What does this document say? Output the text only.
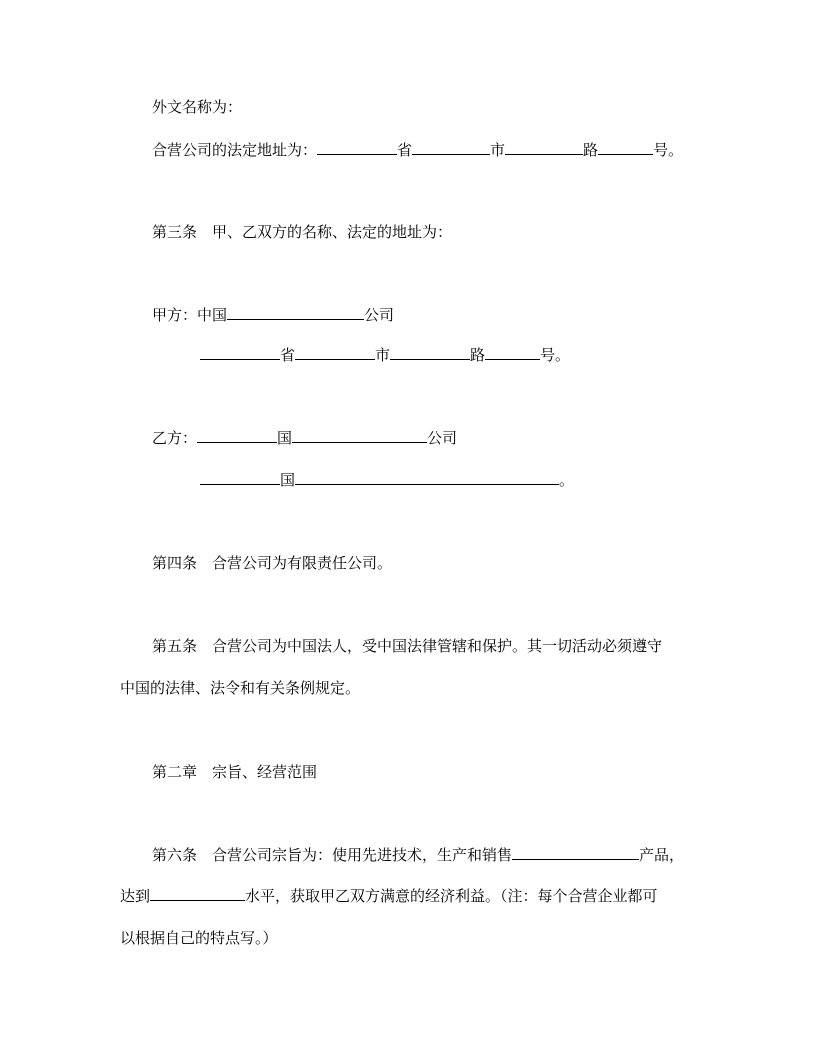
外文名称为：
合营公司的法定地址为：	省	市	路	号。
第三条 甲、乙双方的名称、法定的地址为：
甲方：中国	公司
省	市	路	号。
乙方：	国	公司
国	。
第四条 合营公司为有限责任公司。
第五条 合营公司为中国法人，受中国法律管辖和保护。其一切活动必须遵守
中国的法律、法令和有关条例规定。
第二章 宗旨、经营范围
第六条 合营公司宗旨为：使用先进技术，生产和销售	产品，
达到	水平，获取甲乙双方满意的经济利益。（注：每个合营企业都可
以根据自己的特点写。）
